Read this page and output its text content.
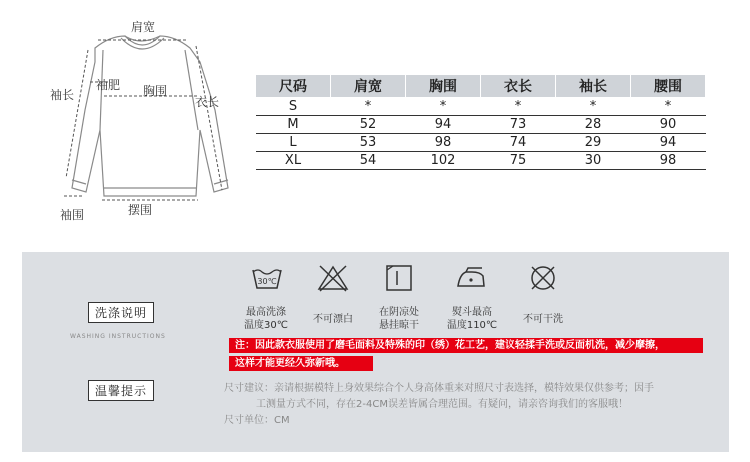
肩宽
袖长
袖肥 胸围
衣长
袖围	摆围
尺码	肩宽	胸围	衣长	袖长	腰围
S	*	*	*	*	*
M	52	94	73	28	90
L	53	98	74	29	94
XL	54	102	75	30	98
洗涤说明
WASHING INSTRUCTIONS
30℃
最高洗涤
温度30℃
不可漂白
在阴凉处
悬挂晾干
熨斗最高
温度110℃
不可干洗
注：因此款衣服使用了磨毛面料及特殊的印（绣）花工艺，建议轻揉手洗或反面机洗，减少摩擦，
这样才能更经久弥新哦。
温馨提示	尺寸建议：亲请根据模特上身效果综合个人身高体重来对照尺寸表选择，模特效果仅供参考；因手
工测量方式不同，存在2-4CM误差皆属合理范围。有疑问，请亲咨询我们的客服哦！
尺寸单位：CM
